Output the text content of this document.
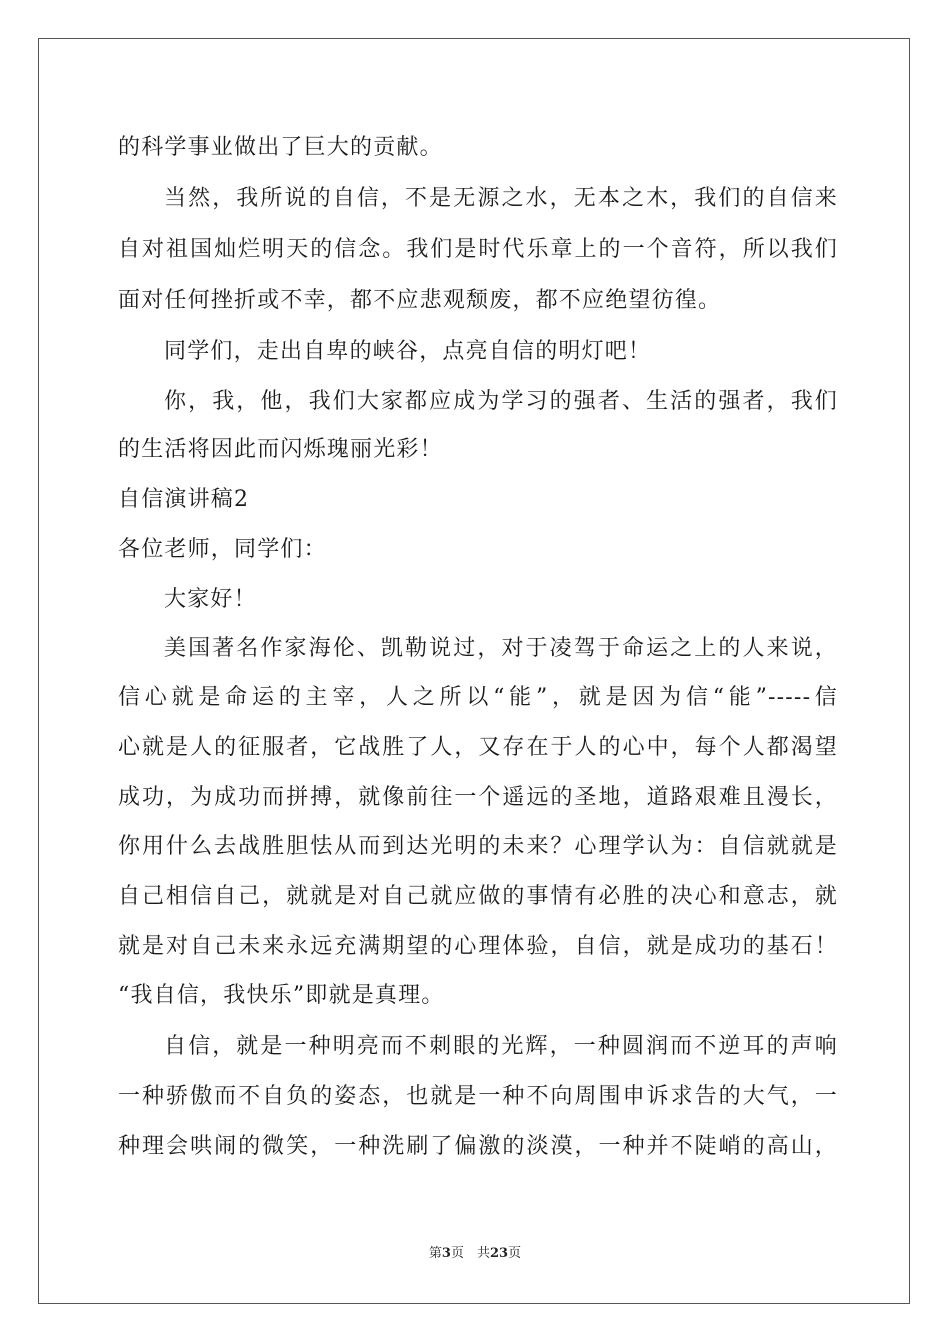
的科学事业做出了巨大的贡献。
当然，我所说的自信，不是无源之水，无本之木，我们的自信来
自对祖国灿烂明天的信念。我们是时代乐章上的一个音符，所以我们
面对任何挫折或不幸，都不应悲观颓废，都不应绝望彷徨。
同学们，走出自卑的峡谷，点亮自信的明灯吧！
你，我，他，我们大家都应成为学习的强者、生活的强者，我们
的生活将因此而闪烁瑰丽光彩！
自信演讲稿2
各位老师，同学们：
大家好！
美国著名作家海伦、凯勒说过，对于凌驾于命运之上的人来说，
信心就是命运的主宰，人之所以“能”，就是因为信“能”-----信
心就是人的征服者，它战胜了人，又存在于人的心中，每个人都渴望
成功，为成功而拼搏，就像前往一个遥远的圣地，道路艰难且漫长，
你用什么去战胜胆怯从而到达光明的未来？心理学认为：自信就就是
自己相信自己，就就是对自己就应做的事情有必胜的决心和意志，就
就是对自己未来永远充满期望的心理体验，自信，就是成功的基石！
“我自信，我快乐”即就是真理。
自信，就是一种明亮而不刺眼的光辉，一种圆润而不逆耳的声响
一种骄傲而不自负的姿态，也就是一种不向周围申诉求告的大气，一
种理会哄闹的微笑，一种洗刷了偏激的淡漠，一种并不陡峭的高山，
第3页　共23页
